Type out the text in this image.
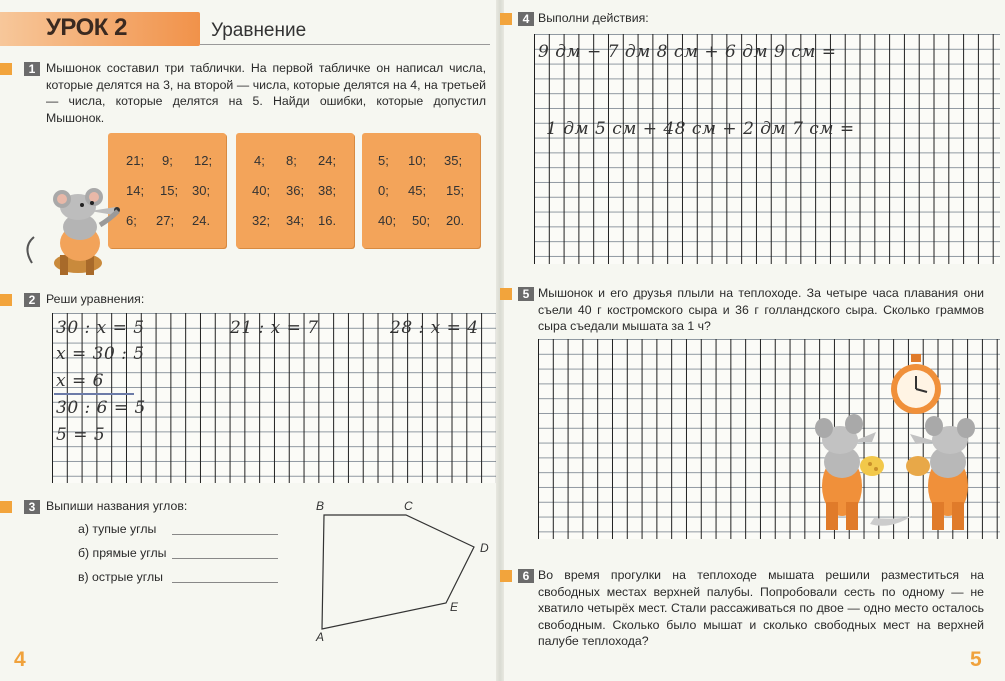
УРОК 2	Уравнение
1 Мышонок составил три таблички. На первой табличке он написал числа, которые делятся на 3, на второй — числа, которые делятся на 4, на третьей — числа, которые делятся на 5. Найди ошибки, которые допустил Мышонок.
21; 9; 12;
14; 15; 30;
6; 27; 24.
4; 8; 24;
40; 36; 38;
32; 34; 16.
5; 10; 35;
0; 45; 15;
40; 50; 20.
2 Реши уравнения:
30 : x = 5
x = 30 : 5
x = 6
30 : 6 = 5
5 = 5
21 : x = 7	28 : x = 4
3 Выпиши названия углов:
а) тупые углы
б) прямые углы
в) острые углы
B	C
D
E
A
4
4 Выполни действия:
9 дм − 7 дм 8 см + 6 дм 9 см =
1 дм 5 см + 48 см + 2 дм 7 см =
5 Мышонок и его друзья плыли на теплоходе. За четыре часа плавания они съели 40 г костромского сыра и 36 г голландского сыра. Сколько граммов сыра съедали мышата за 1 ч?
6 Во время прогулки на теплоходе мышата решили разместиться на свободных местах верхней палубы. Попробовали сесть по одному — не хватило четырёх мест. Стали рассаживаться по двое — одно место осталось свободным. Сколько было мышат и сколько свободных мест на верхней палубе теплохода?
5
